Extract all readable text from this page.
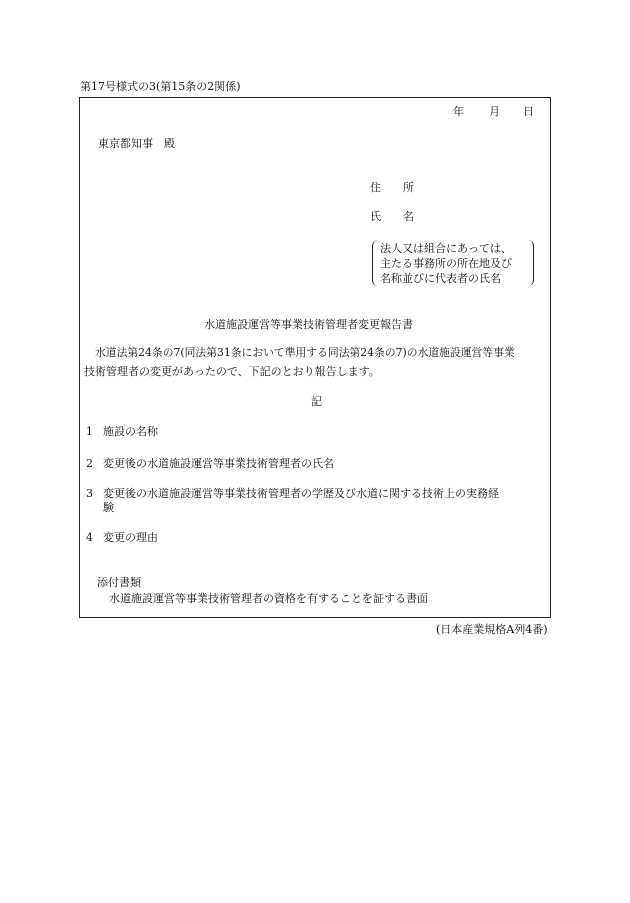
第17号様式の3(第15条の2関係)
年 月 日
東京都知事　殿
住　　所
氏　　名
法人又は組合にあっては、
主たる事務所の所在地及び
名称並びに代表者の氏名
水道施設運営等事業技術管理者変更報告書
水道法第24条の7(同法第31条において準用する同法第24条の7)の水道施設運営等事業
技術管理者の変更があったので、下記のとおり報告します。
記
1 施設の名称
2 変更後の水道施設運営等事業技術管理者の氏名
3 変更後の水道施設運営等事業技術管理者の学歴及び水道に関する技術上の実務経
験
4 変更の理由
添付書類
水道施設運営等事業技術管理者の資格を有することを証する書面
(日本産業規格A列4番)
